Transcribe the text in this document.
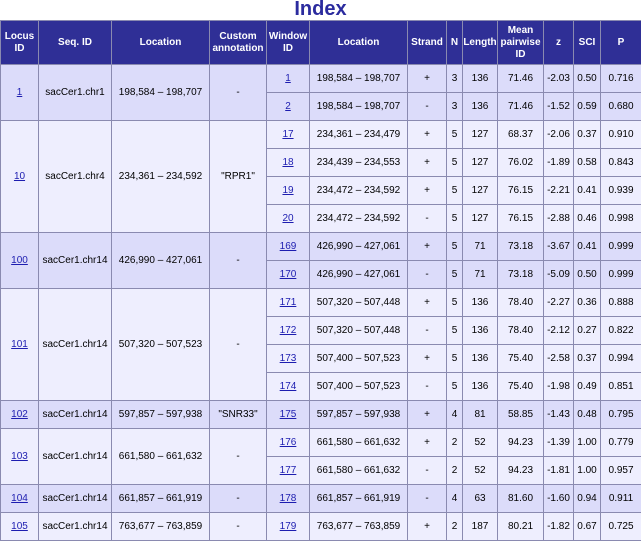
Index
Locus ID	Seq. ID	Location	Custom annotation	Window ID	Location	Strand	N	Length	Mean pairwise ID	z	SCI	P
1	sacCer1.chr1	198,584 – 198,707	-	1	198,584 – 198,707	+	3	136	71.46	-2.03	0.50	0.716
				2	198,584 – 198,707	-	3	136	71.46	-1.52	0.59	0.680
10	sacCer1.chr4	234,361 – 234,592	"RPR1"	17	234,361 – 234,479	+	5	127	68.37	-2.06	0.37	0.910
				18	234,439 – 234,553	+	5	127	76.02	-1.89	0.58	0.843
				19	234,472 – 234,592	+	5	127	76.15	-2.21	0.41	0.939
				20	234,472 – 234,592	-	5	127	76.15	-2.88	0.46	0.998
100	sacCer1.chr14	426,990 – 427,061	-	169	426,990 – 427,061	+	5	71	73.18	-3.67	0.41	0.999
				170	426,990 – 427,061	-	5	71	73.18	-5.09	0.50	0.999
101	sacCer1.chr14	507,320 – 507,523	-	171	507,320 – 507,448	+	5	136	78.40	-2.27	0.36	0.888
				172	507,320 – 507,448	-	5	136	78.40	-2.12	0.27	0.822
				173	507,400 – 507,523	+	5	136	75.40	-2.58	0.37	0.994
				174	507,400 – 507,523	-	5	136	75.40	-1.98	0.49	0.851
102	sacCer1.chr14	597,857 – 597,938	"SNR33"	175	597,857 – 597,938	+	4	81	58.85	-1.43	0.48	0.795
103	sacCer1.chr14	661,580 – 661,632	-	176	661,580 – 661,632	+	2	52	94.23	-1.39	1.00	0.779
				177	661,580 – 661,632	-	2	52	94.23	-1.81	1.00	0.957
104	sacCer1.chr14	661,857 – 661,919	-	178	661,857 – 661,919	-	4	63	81.60	-1.60	0.94	0.911
105	sacCer1.chr14	763,677 – 763,859	-	179	763,677 – 763,859	+	2	187	80.21	-1.82	0.67	0.725
